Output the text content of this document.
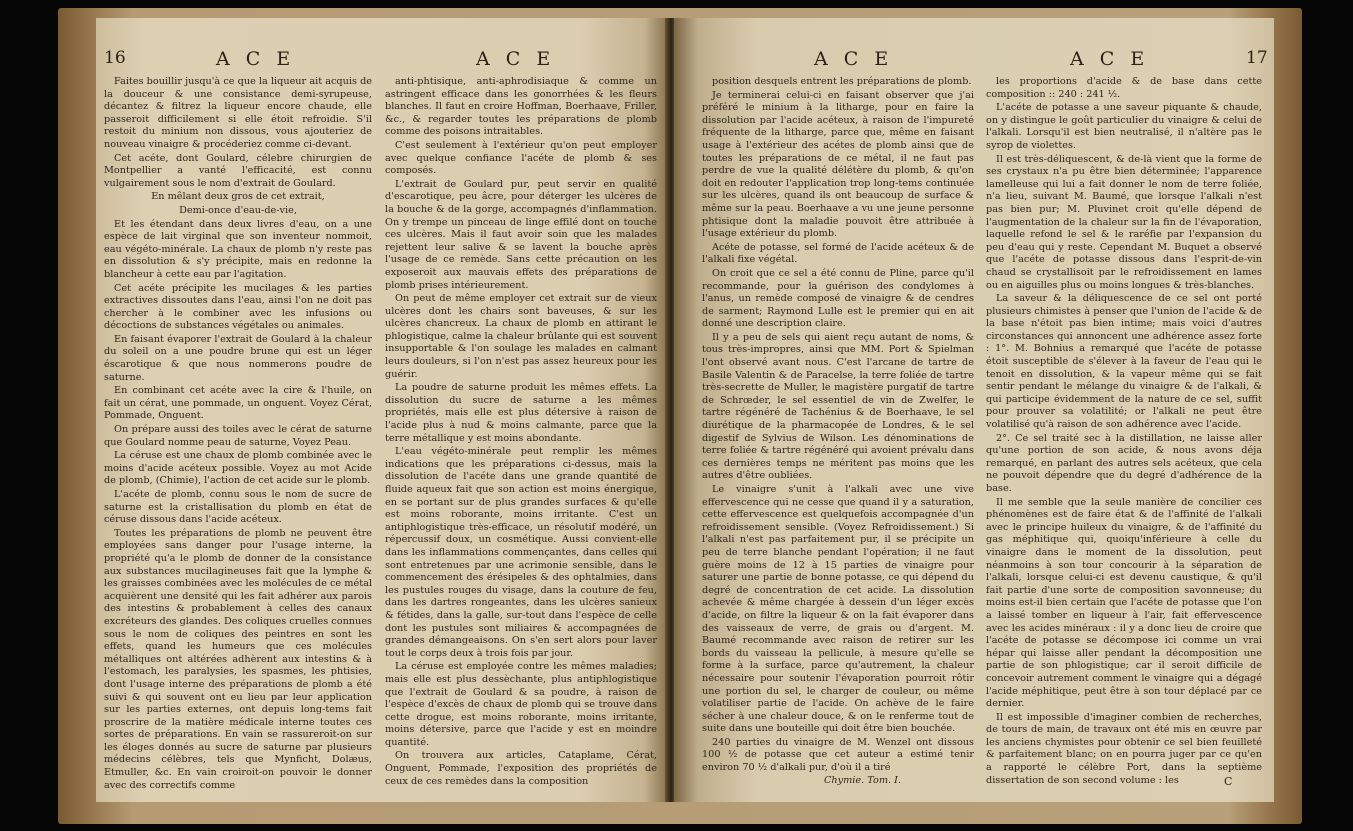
16	A C E	A C E

Faites bouillir jusqu'à ce que la liqueur ait acquis de la douceur & une consistance demi-syrupeuse, décantez & filtrez la liqueur encore chaude, elle passeroit difficilement si elle étoit refroidie. S'il restoit du minium non dissous, vous ajouteriez de nouveau vinaigre & procéderiez comme ci-devant.

Cet acéte, dont Goulard, célebre chirurgien de Montpellier a vanté l'efficacité, est connu vulgairement sous le nom d'extrait de Goulard.

En mêlant deux gros de cet extrait,

Demi-once d'eau-de-vie,

Et les étendant dans deux livres d'eau, on a une espèce de lait virginal que son inventeur nommoit, eau végéto-minérale. La chaux de plomb n'y reste pas en dissolution & s'y précipite, mais en redonne la blancheur à cette eau par l'agitation.

Cet acéte précipite les mucilages & les parties extractives dissoutes dans l'eau, ainsi l'on ne doit pas chercher à le combiner avec les infusions ou décoctions de substances végétales ou animales.

En faisant évaporer l'extrait de Goulard à la chaleur du soleil on a une poudre brune qui est un léger éscarotique & que nous nommerons poudre de saturne.

En combinant cet acéte avec la cire & l'huile, on fait un cérat, une pommade, un onguent. Voyez Cérat, Pommade, Onguent.

On prépare aussi des toiles avec le cérat de saturne que Goulard nomme peau de saturne, Voyez Peau.

La céruse est une chaux de plomb combinée avec le moins d'acide acéteux possible. Voyez au mot Acide de plomb, (Chimie), l'action de cet acide sur le plomb.

L'acéte de plomb, connu sous le nom de sucre de saturne est la cristallisation du plomb en état de céruse dissous dans l'acide acéteux.

Toutes les préparations de plomb ne peuvent être employées sans danger pour l'usage interne, la propriété qu'a le plomb de donner de la consistance aux substances mucilagineuses fait que la lymphe & les graisses combinées avec les molécules de ce métal acquièrent une densité qui les fait adhérer aux parois des intestins & probablement à celles des canaux excréteurs des glandes. Des coliques cruelles connues sous le nom de coliques des peintres en sont les effets, quand les humeurs que ces molécules métalliques ont altérées adhèrent aux intestins & à l'estomach, les paralysies, les spasmes, les phtisies, dont l'usage interne des préparations de plomb a été suivi & qui souvent ont eu lieu par leur application sur les parties externes, ont depuis long-tems fait proscrire de la matière médicale interne toutes ces sortes de préparations. En vain se rassureroit-on sur les éloges donnés au sucre de saturne par plusieurs médecins célèbres, tels que Mynficht, Dolæus, Etmuller, &c. En vain croiroit-on pouvoir le donner avec des correctifs comme

anti-phtisique, anti-aphrodisiaque & comme un astringent efficace dans les gonorrhées & les fleurs blanches. Il faut en croire Hoffman, Boerhaave, Friller, &c., & regarder toutes les préparations de plomb comme des poisons intraitables.

C'est seulement à l'extérieur qu'on peut employer avec quelque confiance l'acéte de plomb & ses composés.

L'extrait de Goulard pur, peut servir en qualité d'escarotique, peu âcre, pour déterger les ulcères de la bouche & de la gorge, accompagnés d'inflammation. On y trempe un pinceau de linge effilé dont on touche ces ulcères. Mais il faut avoir soin que les malades rejettent leur salive & se lavent la bouche après l'usage de ce remède. Sans cette précaution on les exposeroit aux mauvais effets des préparations de plomb prises intérieurement.

On peut de même employer cet extrait sur de vieux ulcères dont les chairs sont baveuses, & sur les ulcères chancreux. La chaux de plomb en attirant le phlogistique, calme la chaleur brûlante qui est souvent insupportable & l'on soulage les malades en calmant leurs douleurs, si l'on n'est pas assez heureux pour les guérir.

La poudre de saturne produit les mêmes effets. La dissolution du sucre de saturne a les mêmes propriétés, mais elle est plus détersive à raison de l'acide plus à nud & moins calmante, parce que la terre métallique y est moins abondante.

L'eau végéto-minérale peut remplir les mêmes indications que les préparations ci-dessus, mais la dissolution de l'acéte dans une grande quantité de fluide aqueux fait que son action est moins énergique, en se portant sur de plus grandes surfaces & qu'elle est moins roborante, moins irritante. C'est un antiphlogistique très-efficace, un résolutif modéré, un répercussif doux, un cosmétique. Aussi convient-elle dans les inflammations commençantes, dans celles qui sont entretenues par une acrimonie sensible, dans le commencement des érésipeles & des ophtalmies, dans les pustules rouges du visage, dans la couture de feu, dans les dartres rongeantes, dans les ulcères sanieux & fétides, dans la galle, sur-tout dans l'espèce de celle dont les pustules sont miliaires & accompagnées de grandes démangeaisons. On s'en sert alors pour laver tout le corps deux à trois fois par jour.

La céruse est employée contre les mêmes maladies; mais elle est plus dessèchante, plus antiphlogistique que l'extrait de Goulard & sa poudre, à raison de l'espèce d'excès de chaux de plomb qui se trouve dans cette drogue, est moins roborante, moins irritante, moins détersive, parce que l'acide y est en moindre quantité.

On trouvera aux articles, Cataplame, Cérat, Onguent, Pommade, l'exposition des propriétés de ceux de ces remèdes dans la composition

A C E	A C E	17

position desquels entrent les préparations de plomb.

Je terminerai celui-ci en faisant observer que j'ai préféré le minium à la litharge, pour en faire la dissolution par l'acide acéteux, à raison de l'impureté fréquente de la litharge, parce que, même en faisant usage à l'extérieur des acétes de plomb ainsi que de toutes les préparations de ce métal, il ne faut pas perdre de vue la qualité délétère du plomb, & qu'on doit en redouter l'application trop long-tems continuée sur les ulcères, quand ils ont beaucoup de surface & même sur la peau. Boerhaave a vu une jeune personne phtisique dont la maladie pouvoit être attribuée à l'usage extérieur du plomb.

Acéte de potasse, sel formé de l'acide acéteux & de l'alkali fixe végétal.

On croit que ce sel a été connu de Pline, parce qu'il recommande, pour la guérison des condylomes à l'anus, un remède composé de vinaigre & de cendres de sarment; Raymond Lulle est le premier qui en ait donné une description claire.

Il y a peu de sels qui aient reçu autant de noms, & tous très-impropres, ainsi que MM. Port & Spielman l'ont observé avant nous. C'est l'arcane de tartre de Basile Valentin & de Paracelse, la terre foliée de tartre très-secrette de Muller, le magistère purgatif de tartre de Schrœder, le sel essentiel de vin de Zwelfer, le tartre régénéré de Tachénius & de Boerhaave, le sel diurétique de la pharmacopée de Londres, & le sel digestif de Sylvius de Wilson. Les dénominations de terre foliée & tartre régénéré qui avoient prévalu dans ces dernières temps ne méritent pas moins que les autres d'être oubliées.

Le vinaigre s'unit à l'alkali avec une vive effervescence qui ne cesse que quand il y a saturation, cette effervescence est quelquefois accompagnée d'un refroidissement sensible. (Voyez Refroidissement.) Si l'alkali n'est pas parfaitement pur, il se précipite un peu de terre blanche pendant l'opération; il ne faut guère moins de 12 à 15 parties de vinaigre pour saturer une partie de bonne potasse, ce qui dépend du degré de concentration de cet acide. La dissolution achevée & même chargée à dessein d'un léger excès d'acide, on filtre la liqueur & on la fait évaporer dans des vaisseaux de verre, de grais ou d'argent. M. Baumé recommande avec raison de retirer sur les bords du vaisseau la pellicule, à mesure qu'elle se forme à la surface, parce qu'autrement, la chaleur nécessaire pour soutenir l'évaporation pourroit rôtir une portion du sel, le charger de couleur, ou même volatiliser partie de l'acide. On achève de le faire sécher à une chaleur douce, & on le renferme tout de suite dans une bouteille qui doit être bien bouchée.

240 parties du vinaigre de M. Wenzel ont dissous 100 ½ de potasse que cet auteur a estimé tenir environ 70 ½ d'alkali pur, d'où il a tiré

Chymie. Tom. I.

les proportions d'acide & de base dans cette composition :: 240 : 241 ½.

L'acéte de potasse a une saveur piquante & chaude, on y distingue le goût particulier du vinaigre & celui de l'alkali. Lorsqu'il est bien neutralisé, il n'altère pas le syrop de violettes.

Il est très-déliquescent, & de-là vient que la forme de ses crystaux n'a pu être bien déterminée; l'apparence lamelleuse qui lui a fait donner le nom de terre foliée, n'a lieu, suivant M. Baumé, que lorsque l'alkali n'est pas bien pur; M. Pluvinet croit qu'elle dépend de l'augmentation de la chaleur sur la fin de l'évaporation, laquelle refond le sel & le raréfie par l'expansion du peu d'eau qui y reste. Cependant M. Buquet a observé que l'acéte de potasse dissous dans l'esprit-de-vin chaud se crystallisoit par le refroidissement en lames ou en aiguilles plus ou moins longues & très-blanches.

La saveur & la déliquescence de ce sel ont porté plusieurs chimistes à penser que l'union de l'acide & de la base n'étoit pas bien intime; mais voici d'autres circonstances qui annoncent une adhérence assez forte : 1°. M. Bohnius a remarqué que l'acéte de potasse étoit susceptible de s'élever à la faveur de l'eau qui le tenoit en dissolution, & la vapeur même qui se fait sentir pendant le mélange du vinaigre & de l'alkali, & qui participe évidemment de la nature de ce sel, suffit pour prouver sa volatilité; or l'alkali ne peut être volatilisé qu'à raison de son adhérence avec l'acide.

2°. Ce sel traité sec à la distillation, ne laisse aller qu'une portion de son acide, & nous avons déja remarqué, en parlant des autres sels acéteux, que cela ne pouvoit dépendre que du degré d'adhérence de la base.

Il me semble que la seule manière de concilier ces phénomènes est de faire état & de l'affinité de l'alkali avec le principe huileux du vinaigre, & de l'affinité du gas méphitique qui, quoiqu'inférieure à celle du vinaigre dans le moment de la dissolution, peut néanmoins à son tour concourir à la séparation de l'alkali, lorsque celui-ci est devenu caustique, & qu'il fait partie d'une sorte de composition savonneuse; du moins est-il bien certain que l'acéte de potasse que l'on a laissé tomber en liqueur à l'air, fait effervescence avec les acides minéraux : il y a donc lieu de croire que l'acéte de potasse se décompose ici comme un vrai hépar qui laisse aller pendant la décomposition une partie de son phlogistique; car il seroit difficile de concevoir autrement comment le vinaigre qui a dégagé l'acide méphitique, peut être à son tour déplacé par ce dernier.

Il est impossible d'imaginer combien de recherches, de tours de main, de travaux ont été mis en œuvre par les anciens chymistes pour obtenir ce sel bien feuilleté & parfaitement blanc; on en pourra juger par ce qu'en a rapporté le célèbre Port, dans la septième dissertation de son second volume : les	C
